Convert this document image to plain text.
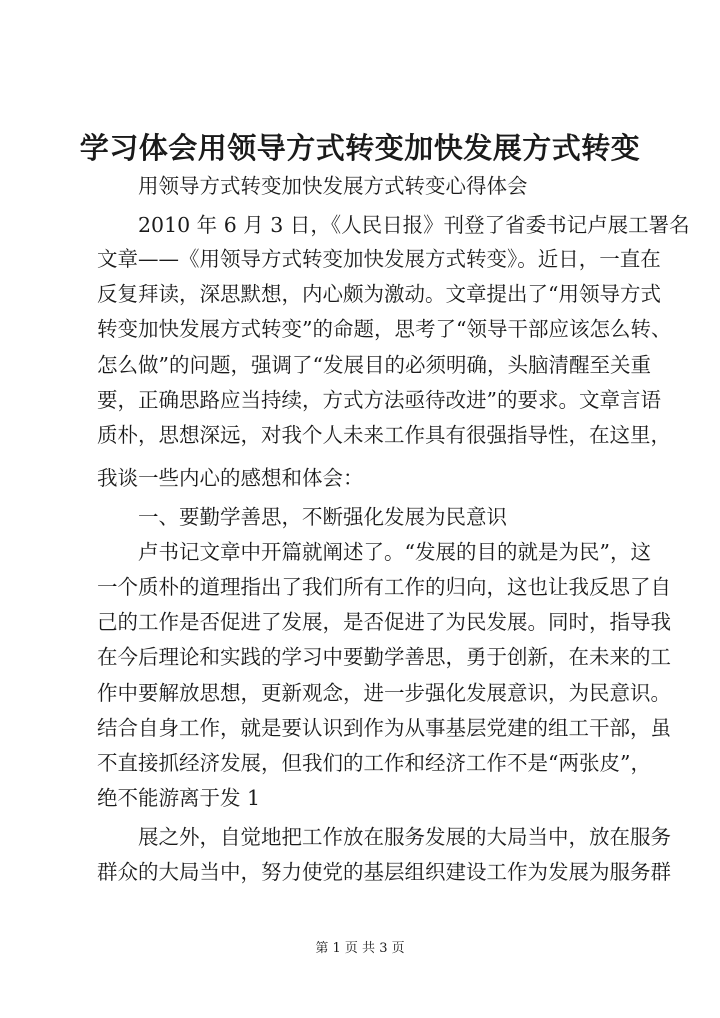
学习体会用领导方式转变加快发展方式转变
用领导方式转变加快发展方式转变心得体会
2010 年 6 月 3 日，《人民日报》刊登了省委书记卢展工署名
文章——《用领导方式转变加快发展方式转变》。近日，一直在
反复拜读，深思默想，内心颇为激动。文章提出了“用领导方式
转变加快发展方式转变”的命题，思考了“领导干部应该怎么转、
怎么做”的问题，强调了“发展目的必须明确，头脑清醒至关重
要，正确思路应当持续，方式方法亟待改进”的要求。文章言语
质朴，思想深远，对我个人未来工作具有很强指导性，在这里，
我谈一些内心的感想和体会：
一、要勤学善思，不断强化发展为民意识
卢书记文章中开篇就阐述了。“发展的目的就是为民”，这
一个质朴的道理指出了我们所有工作的归向，这也让我反思了自
己的工作是否促进了发展，是否促进了为民发展。同时，指导我
在今后理论和实践的学习中要勤学善思，勇于创新，在未来的工
作中要解放思想，更新观念，进一步强化发展意识，为民意识。
结合自身工作，就是要认识到作为从事基层党建的组工干部，虽
不直接抓经济发展，但我们的工作和经济工作不是“两张皮”，
绝不能游离于发 1
展之外，自觉地把工作放在服务发展的大局当中，放在服务
群众的大局当中，努力使党的基层组织建设工作为发展为服务群
第 1 页 共 3 页
